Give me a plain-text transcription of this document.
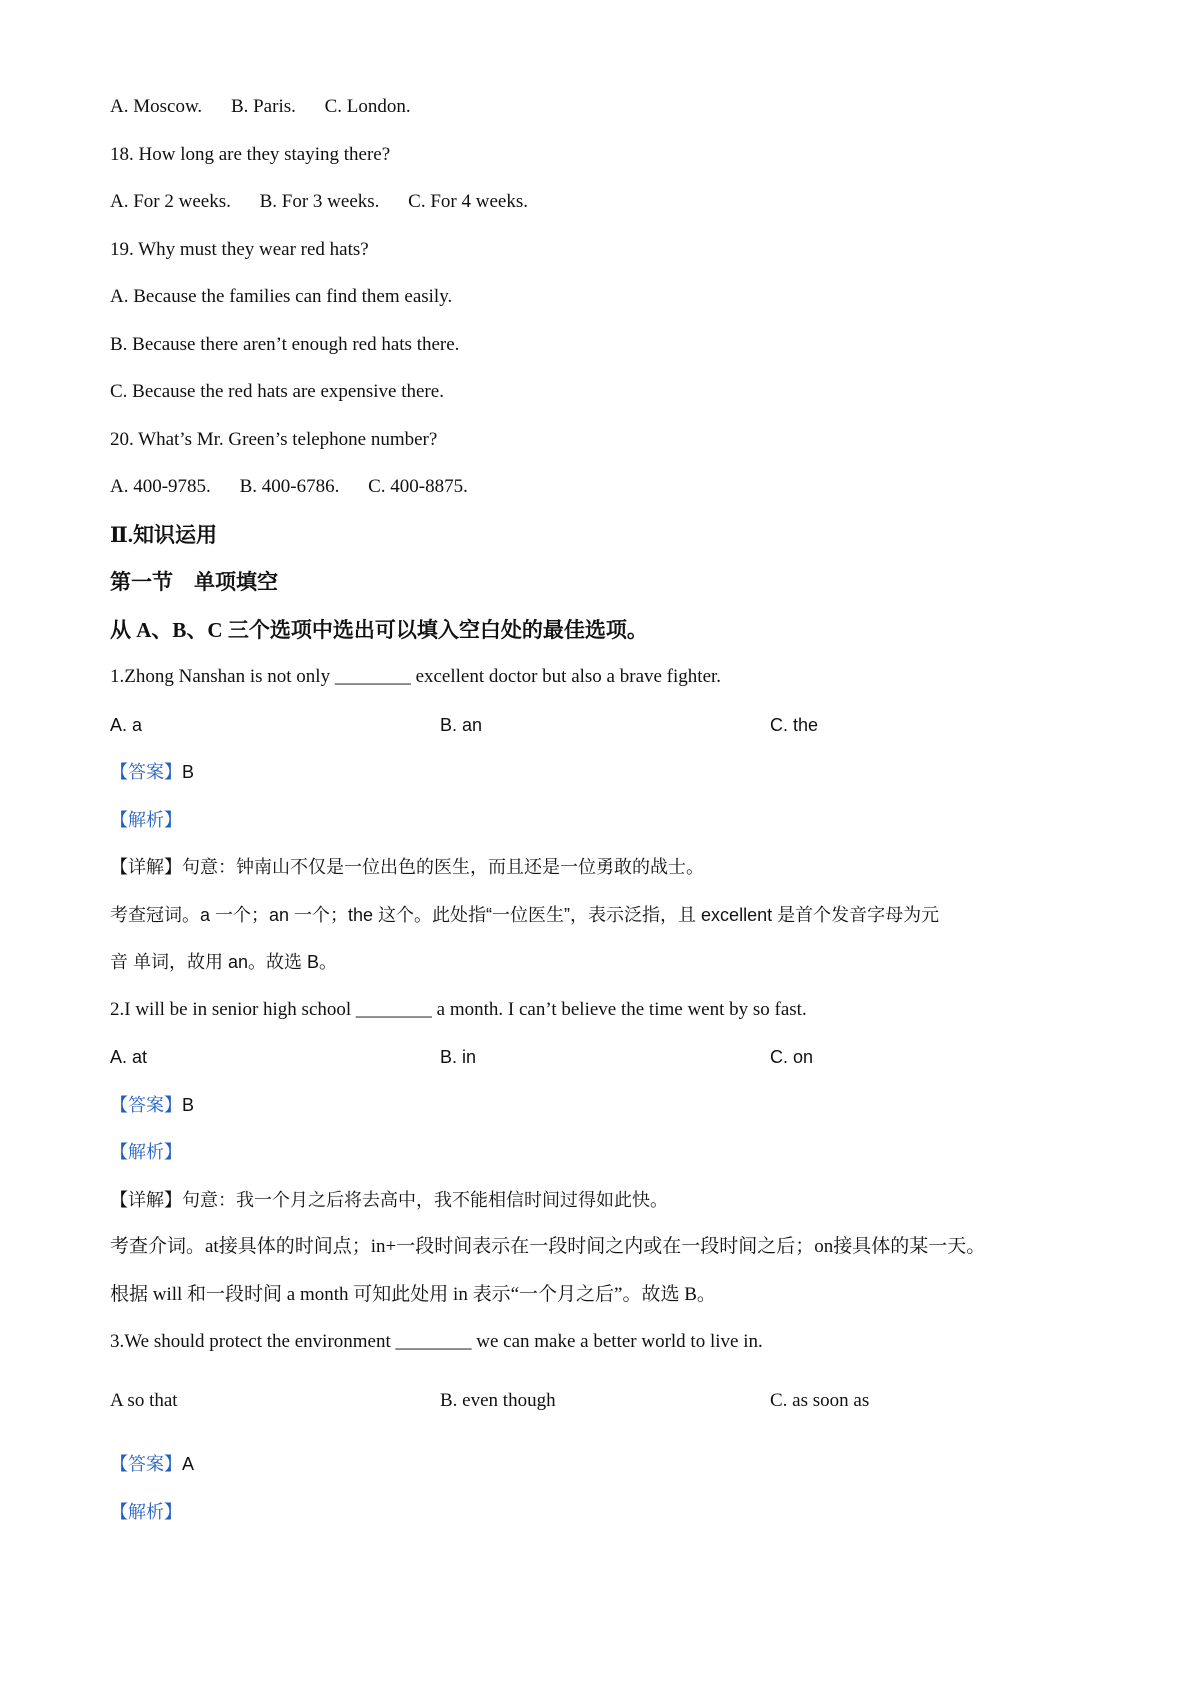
A. Moscow. B. Paris. C. London.
18. How long are they staying there?
A. For 2 weeks. B. For 3 weeks. C. For 4 weeks.
19. Why must they wear red hats?
A. Because the families can find them easily.
B. Because there aren’t enough red hats there.
C. Because the red hats are expensive there.
20. What’s Mr. Green’s telephone number?
A. 400-9785. B. 400-6786. C. 400-8875.
Ⅱ.知识运用
第一节　单项填空
从 A、B、C 三个选项中选出可以填入空白处的最佳选项。
1.Zhong Nanshan is not only ________ excellent doctor but also a brave fighter.
A. a	B. an	C. the
【答案】B
【解析】
【详解】句意：钟南山不仅是一位出色的医生，而且还是一位勇敢的战士。
考查冠词。a 一个；an 一个；the 这个。此处指“一位医生”，表示泛指，且 excellent 是首个发音字母为元
音 单词，故用 an。故选 B。
2.I will be in senior high school ________ a month. I can’t believe the time went by so fast.
A. at	B. in	C. on
【答案】B
【解析】
【详解】句意：我一个月之后将去高中，我不能相信时间过得如此快。
考查介词。at接具体的时间点；in+一段时间表示在一段时间之内或在一段时间之后；on接具体的某一天。
根据 will 和一段时间 a month 可知此处用 in 表示“一个月之后”。故选 B。
3.We should protect the environment ________ we can make a better world to live in.
A so that	B. even though	C. as soon as
【答案】A
【解析】
